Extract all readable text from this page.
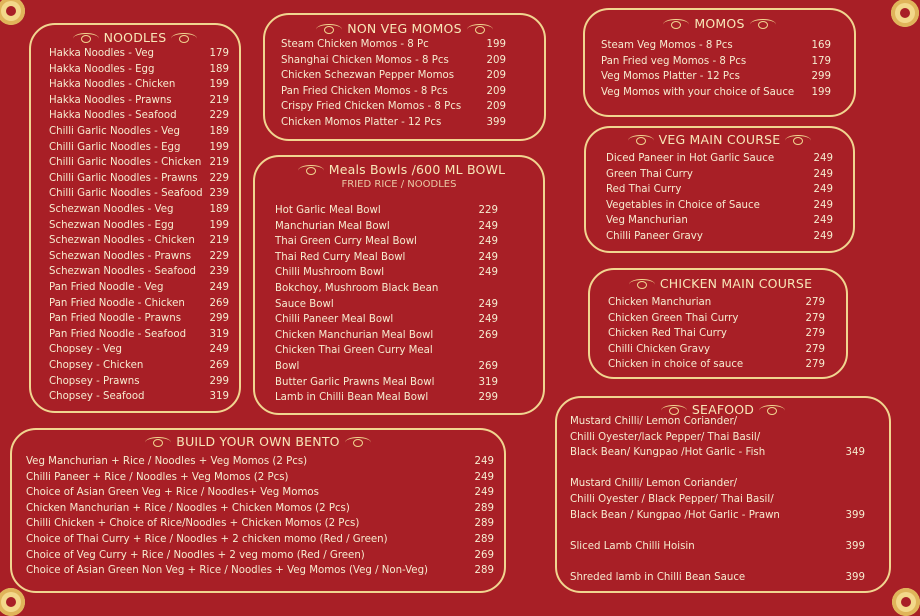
NOODLES
Hakka Noodles - Veg	179
Hakka Noodles - Egg	189
Hakka Noodles - Chicken	199
Hakka Noodles - Prawns	219
Hakka Noodles - Seafood	229
Chilli Garlic Noodles - Veg	189
Chilli Garlic Noodles - Egg	199
Chilli Garlic Noodles - Chicken 219
Chilli Garlic Noodles - Prawns 229
Chilli Garlic Noodles - Seafood 239
Schezwan Noodles - Veg	189
Schezwan Noodles - Egg	199
Schezwan Noodles - Chicken 219
Schezwan Noodles - Prawns 229
Schezwan Noodles - Seafood 239
Pan Fried Noodle - Veg	249
Pan Fried Noodle - Chicken 269
Pan Fried Noodle - Prawns	299
Pan Fried Noodle - Seafood 319
Chopsey - Veg	249
Chopsey - Chicken	269
Chopsey - Prawns	299
Chopsey - Seafood	319
NON VEG MOMOS
Steam Chicken Momos - 8 Pc	199
Shanghai Chicken Momos - 8 Pcs	209
Chicken Schezwan Pepper Momos	209
Pan Fried Chicken Momos - 8 Pcs	209
Crispy Fried Chicken Momos - 8 Pcs 209
Chicken Momos Platter - 12 Pcs	399
Meals Bowls /600 ML BOWL
FRIED RICE / NOODLES
Hot Garlic Meal Bowl	229
Manchurian Meal Bowl	249
Thai Green Curry Meal Bowl	249
Thai Red Curry Meal Bowl	249
Chilli Mushroom Bowl	249
Bokchoy, Mushroom Black Bean
Sauce Bowl	249
Chilli Paneer Meal Bowl	249
Chicken Manchurian Meal Bowl	269
Chicken Thai Green Curry Meal
Bowl	269
Butter Garlic Prawns Meal Bowl	319
Lamb in Chilli Bean Meal Bowl	299
MOMOS
Steam Veg Momos - 8 Pcs	169
Pan Fried veg Momos - 8 Pcs	179
Veg Momos Platter - 12 Pcs	299
Veg Momos with your choice of Sauce 199
VEG MAIN COURSE
Diced Paneer in Hot Garlic Sauce	249
Green Thai Curry	249
Red Thai Curry	249
Vegetables in Choice of Sauce	249
Veg Manchurian	249
Chilli Paneer Gravy	249
CHICKEN MAIN COURSE
Chicken Manchurian	279
Chicken Green Thai Curry	279
Chicken Red Thai Curry	279
Chilli Chicken Gravy	279
Chicken in choice of sauce	279
BUILD YOUR OWN BENTO
Veg Manchurian + Rice / Noodles + Veg Momos (2 Pcs)	249
Chilli Paneer + Rice / Noodles + Veg Momos (2 Pcs)	249
Choice of Asian Green Veg + Rice / Noodles+ Veg Momos	249
Chicken Manchurian + Rice / Noodles + Chicken Momos (2 Pcs)	289
Chilli Chicken + Choice of Rice/Noodles + Chicken Momos (2 Pcs)	289
Choice of Thai Curry + Rice / Noodles + 2 chicken momo (Red / Green)	289
Choice of Veg Curry + Rice / Noodles + 2 veg momo (Red / Green)	269
Choice of Asian Green Non Veg + Rice / Noodles + Veg Momos (Veg / Non-Veg)	289
SEAFOOD
Mustard Chilli/ Lemon Coriander/
Chilli Oyester/lack Pepper/ Thai Basil/
Black Bean/ Kungpao /Hot Garlic - Fish	349
Mustard Chilli/ Lemon Coriander/
Chilli Oyester / Black Pepper/ Thai Basil/
Black Bean / Kungpao /Hot Garlic - Prawn	399
Sliced Lamb Chilli Hoisin	399
Shreded lamb in Chilli Bean Sauce	399
